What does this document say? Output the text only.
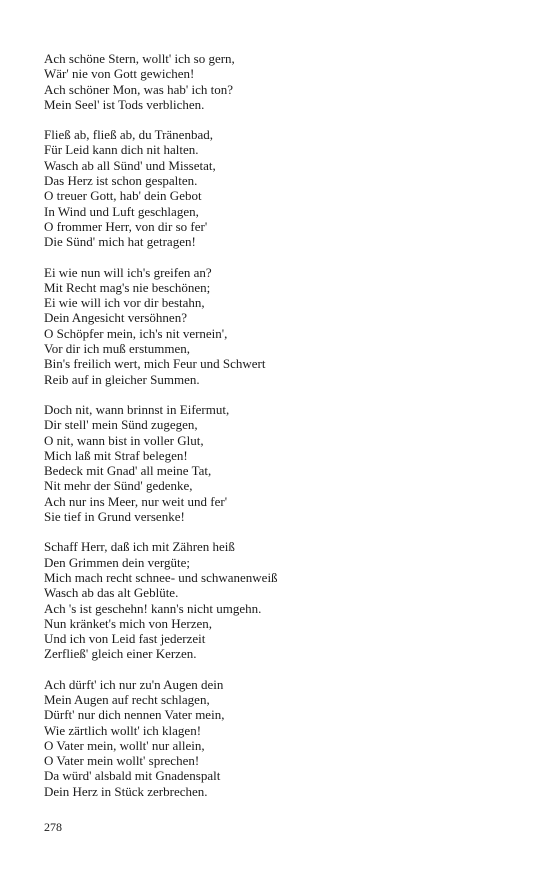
Ach schöne Stern, wollt' ich so gern,
Wär' nie von Gott gewichen!
Ach schöner Mon, was hab' ich ton?
Mein Seel' ist Tods verblichen.
Fließ ab, fließ ab, du Tränenbad,
Für Leid kann dich nit halten.
Wasch ab all Sünd' und Missetat,
Das Herz ist schon gespalten.
O treuer Gott, hab' dein Gebot
In Wind und Luft geschlagen,
O frommer Herr, von dir so fer'
Die Sünd' mich hat getragen!
Ei wie nun will ich's greifen an?
Mit Recht mag's nie beschönen;
Ei wie will ich vor dir bestahn,
Dein Angesicht versöhnen?
O Schöpfer mein, ich's nit vernein',
Vor dir ich muß erstummen,
Bin's freilich wert, mich Feur und Schwert
Reib auf in gleicher Summen.
Doch nit, wann brinnst in Eifermut,
Dir stell' mein Sünd zugegen,
O nit, wann bist in voller Glut,
Mich laß mit Straf belegen!
Bedeck mit Gnad' all meine Tat,
Nit mehr der Sünd' gedenke,
Ach nur ins Meer, nur weit und fer'
Sie tief in Grund versenke!
Schaff Herr, daß ich mit Zähren heiß
Den Grimmen dein vergüte;
Mich mach recht schnee- und schwanenweiß
Wasch ab das alt Geblüte.
Ach 's ist geschehn! kann's nicht umgehn.
Nun kränket's mich von Herzen,
Und ich von Leid fast jederzeit
Zerfließ' gleich einer Kerzen.
Ach dürft' ich nur zu'n Augen dein
Mein Augen auf recht schlagen,
Dürft' nur dich nennen Vater mein,
Wie zärtlich wollt' ich klagen!
O Vater mein, wollt' nur allein,
O Vater mein wollt' sprechen!
Da würd' alsbald mit Gnadenspalt
Dein Herz in Stück zerbrechen.
278
